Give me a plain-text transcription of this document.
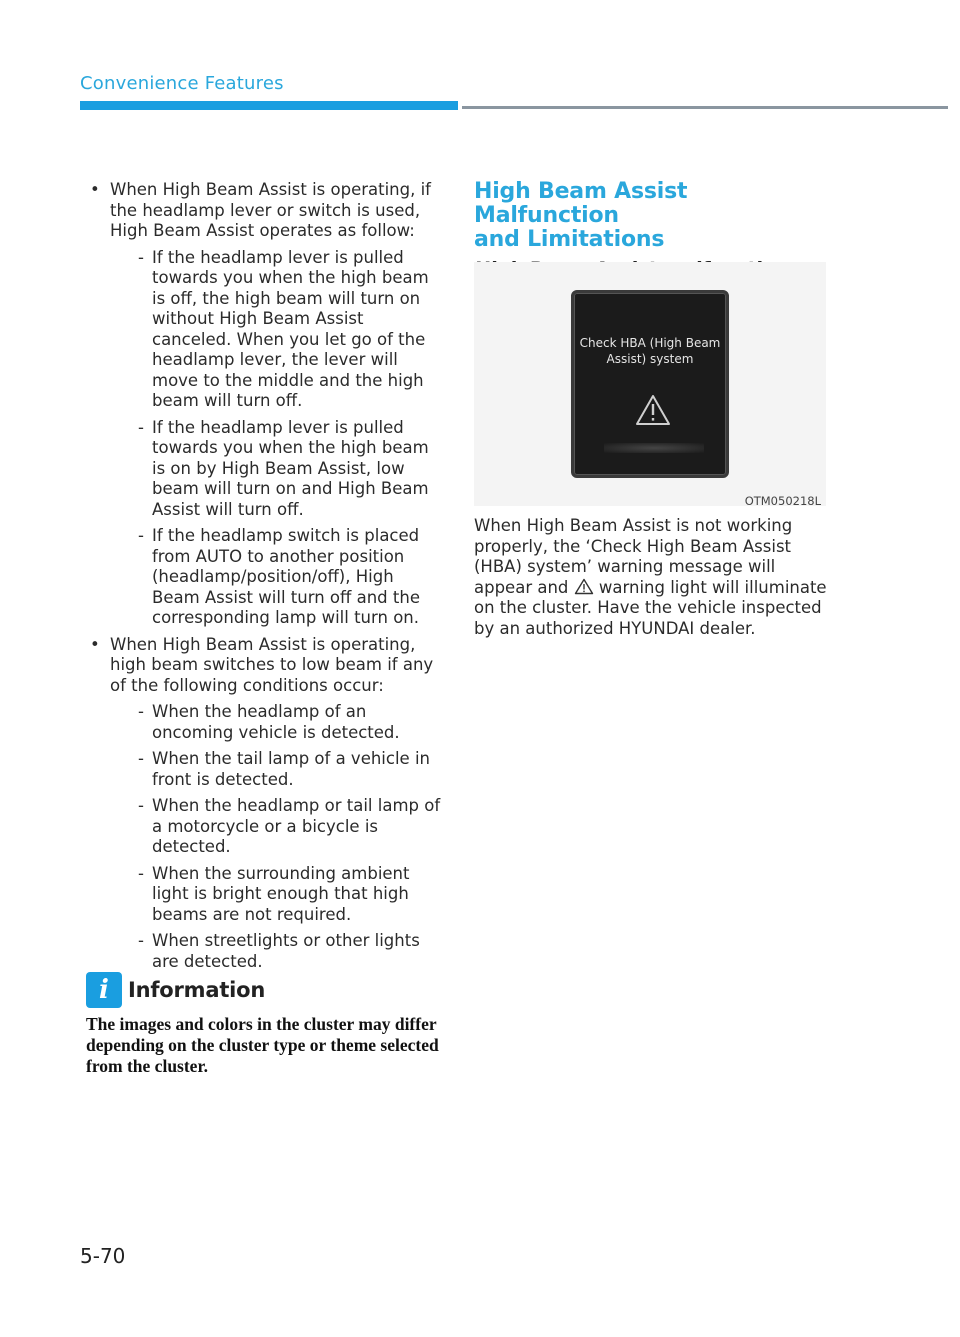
Convenience Features
• When High Beam Assist is operating, if the headlamp lever or switch is used, High Beam Assist operates as follow:
- If the headlamp lever is pulled towards you when the high beam is off, the high beam will turn on without High Beam Assist canceled. When you let go of the headlamp lever, the lever will move to the middle and the high beam will turn off.
- If the headlamp lever is pulled towards you when the high beam is on by High Beam Assist, low beam will turn on and High Beam Assist will turn off.
- If the headlamp switch is placed from AUTO to another position (headlamp/position/off), High Beam Assist will turn off and the corresponding lamp will turn on.
• When High Beam Assist is operating, high beam switches to low beam if any of the following conditions occur:
- When the headlamp of an oncoming vehicle is detected.
- When the tail lamp of a vehicle in front is detected.
- When the headlamp or tail lamp of a motorcycle or a bicycle is detected.
- When the surrounding ambient light is bright enough that high beams are not required.
- When streetlights or other lights are detected.
i Information
The images and colors in the cluster may differ depending on the cluster type or theme selected from the cluster.
High Beam Assist Malfunction
and Limitations
Check HBA (High Beam
Assist) system
OTM050218L
When High Beam Assist is not working properly, the ‘Check High Beam Assist (HBA) system’ warning message will appear and warning light will illuminate on the cluster. Have the vehicle inspected by an authorized HYUNDAI dealer.
5-70
